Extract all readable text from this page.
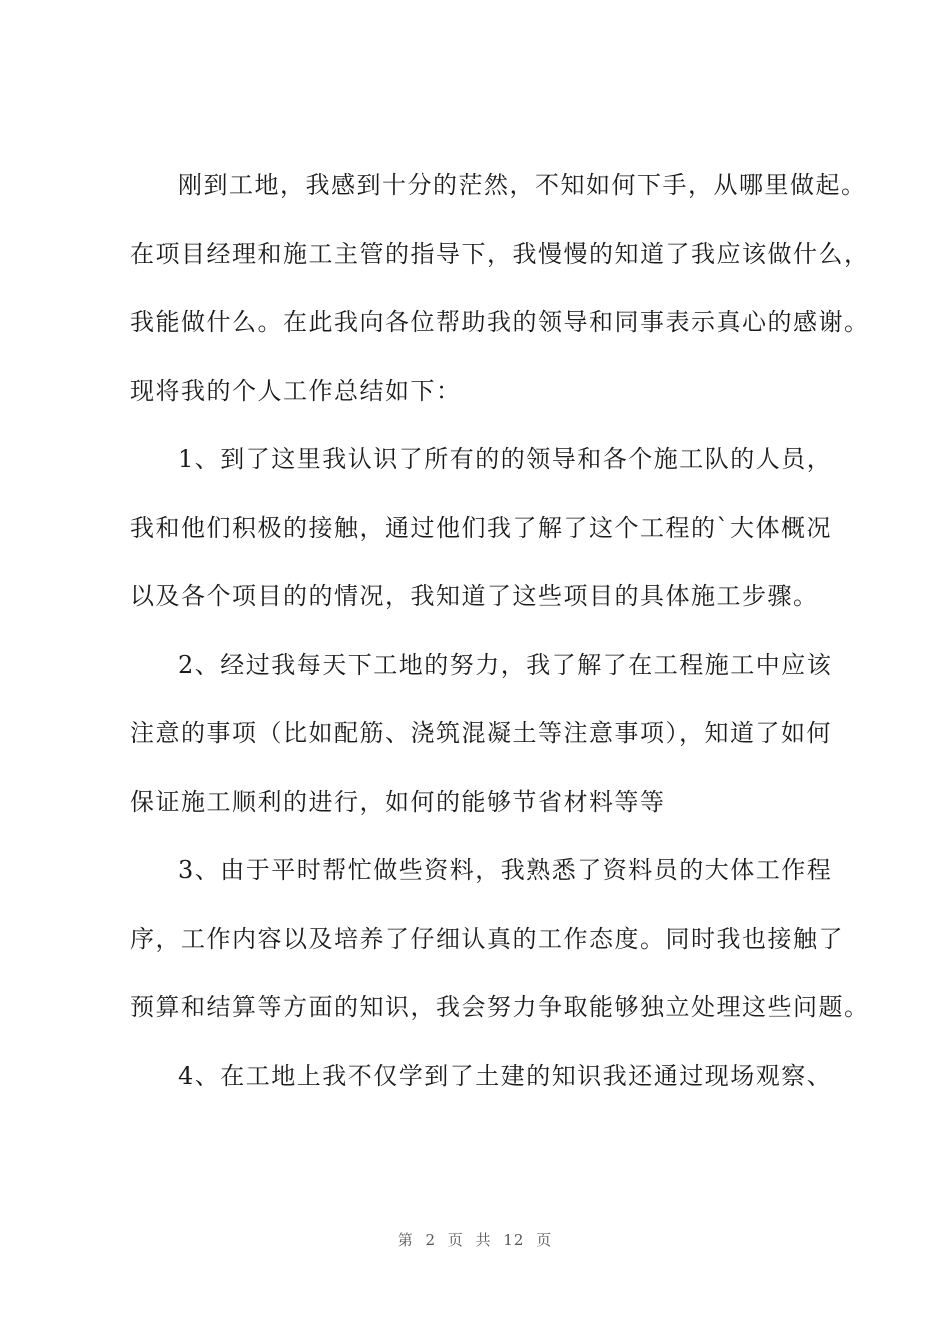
刚到工地，我感到十分的茫然，不知如何下手，从哪里做起。
在项目经理和施工主管的指导下，我慢慢的知道了我应该做什么，
我能做什么。在此我向各位帮助我的领导和同事表示真心的感谢。
现将我的个人工作总结如下：
1、到了这里我认识了所有的的领导和各个施工队的人员，
我和他们积极的接触，通过他们我了解了这个工程的`大体概况
以及各个项目的的情况，我知道了这些项目的具体施工步骤。
2、经过我每天下工地的努力，我了解了在工程施工中应该
注意的事项（比如配筋、浇筑混凝土等注意事项），知道了如何
保证施工顺利的进行，如何的能够节省材料等等
3、由于平时帮忙做些资料，我熟悉了资料员的大体工作程
序，工作内容以及培养了仔细认真的工作态度。同时我也接触了
预算和结算等方面的知识，我会努力争取能够独立处理这些问题。
4、在工地上我不仅学到了土建的知识我还通过现场观察、
第 2 页 共 12 页
